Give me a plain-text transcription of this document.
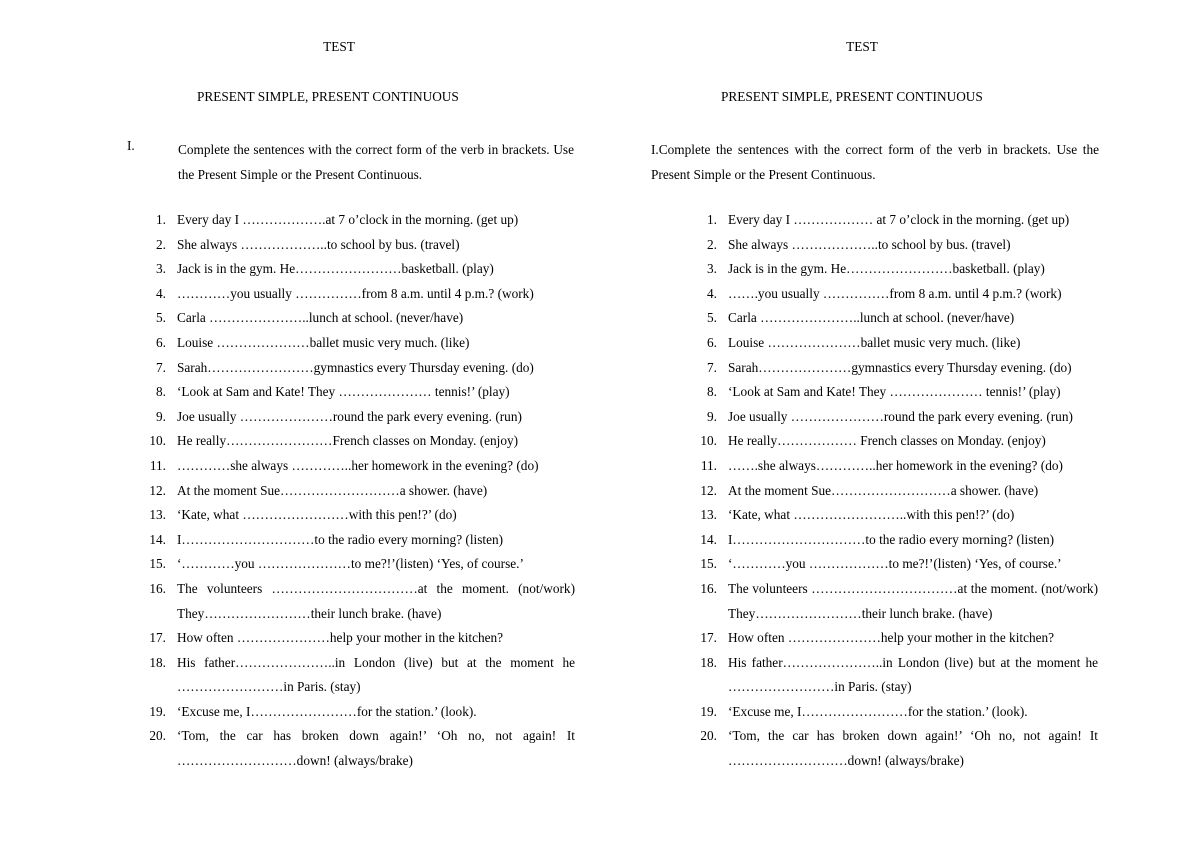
TEST
PRESENT SIMPLE, PRESENT CONTINUOUS
I.	Complete the sentences with the correct form of the verb in brackets. Use the Present Simple or the Present Continuous.
1. Every day I ……………….at 7 o’clock in the morning. (get up)
2. She always ………………..to school by bus. (travel)
3. Jack is in the gym. He……………………basketball. (play)
4. …………you usually ……………from 8 a.m. until 4 p.m.? (work)
5. Carla …………………..lunch at school. (never/have)
6. Louise …………………ballet music very much. (like)
7. Sarah……………………gymnastics every Thursday evening. (do)
8. ‘Look at Sam and Kate! They ………………… tennis!’ (play)
9. Joe usually …………………round the park every evening. (run)
10. He really……………………French classes on Monday. (enjoy)
11. …………she always …………..her homework in the evening? (do)
12. At the moment Sue………………………a shower. (have)
13. ‘Kate, what ……………………with this pen!?’ (do)
14. I…………………………to the radio every morning? (listen)
15. ‘…………you …………………to me?!’(listen) ‘Yes, of course.’
16. The volunteers ……………………………at the moment. (not/work) They……………………their lunch brake. (have)
17. How often …………………help your mother in the kitchen?
18. His father…………………..in London (live) but at the moment he ……………………in Paris. (stay)
19. ‘Excuse me, I……………………for the station.’ (look).
20. ‘Tom, the car has broken down again!’ ‘Oh no, not again! It ………………………down! (always/brake)
TEST
PRESENT SIMPLE, PRESENT CONTINUOUS
I.Complete the sentences with the correct form of the verb in brackets. Use the Present Simple or the Present Continuous.
1. Every day I ……………… at 7 o’clock in the morning. (get up)
2. She always ………………..to school by bus. (travel)
3. Jack is in the gym. He……………………basketball. (play)
4. …….you usually ……………from 8 a.m. until 4 p.m.? (work)
5. Carla …………………..lunch at school. (never/have)
6. Louise …………………ballet music very much. (like)
7. Sarah…………………gymnastics every Thursday evening. (do)
8. ‘Look at Sam and Kate! They ………………… tennis!’ (play)
9. Joe usually …………………round the park every evening. (run)
10. He really……………… French classes on Monday. (enjoy)
11. …….she always…………..her homework in the evening? (do)
12. At the moment Sue………………………a shower. (have)
13. ‘Kate, what ……………………..with this pen!?’ (do)
14. I…………………………to the radio every morning? (listen)
15. ‘…………you ………………to me?!’(listen) ‘Yes, of course.’
16. The volunteers ……………………………at the moment. (not/work) They……………………their lunch brake. (have)
17. How often …………………help your mother in the kitchen?
18. His father…………………..in London (live) but at the moment he ……………………in Paris. (stay)
19. ‘Excuse me, I……………………for the station.’ (look).
20. ‘Tom, the car has broken down again!’ ‘Oh no, not again! It ………………………down! (always/brake)
